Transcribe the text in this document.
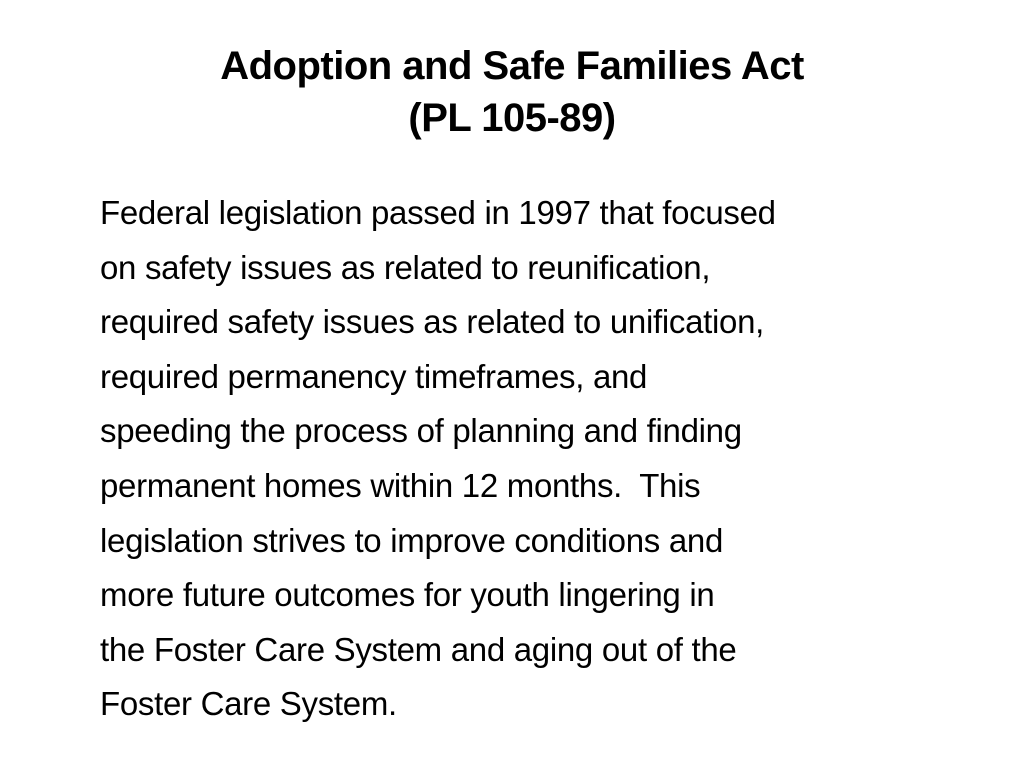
Adoption and Safe Families Act
(PL 105-89)
Federal legislation passed in 1997 that focused
on safety issues as related to reunification,
required safety issues as related to unification,
required permanency timeframes, and
speeding the process of planning and finding
permanent homes within 12 months.  This
legislation strives to improve conditions and
more future outcomes for youth lingering in
the Foster Care System and aging out of the
Foster Care System.
